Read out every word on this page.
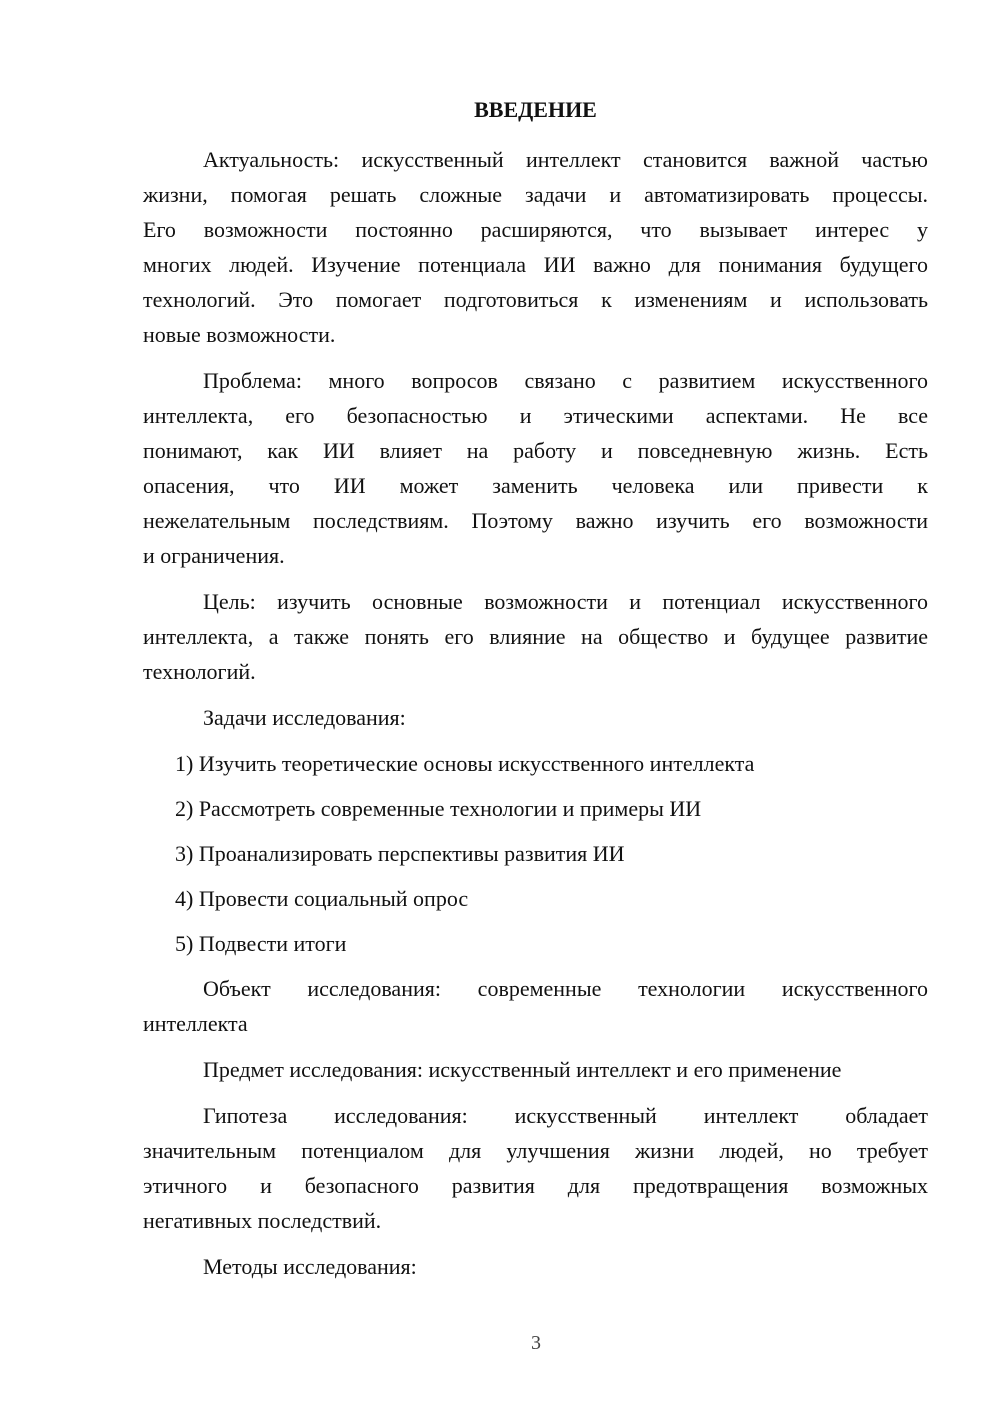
ВВЕДЕНИЕ
Актуальность: искусственный интеллект становится важной частью
жизни, помогая решать сложные задачи и автоматизировать процессы.
Его возможности постоянно расширяются, что вызывает интерес у
многих людей. Изучение потенциала ИИ важно для понимания будущего
технологий. Это помогает подготовиться к изменениям и использовать
новые возможности.
Проблема: много вопросов связано с развитием искусственного
интеллекта, его безопасностью и этическими аспектами. Не все
понимают, как ИИ влияет на работу и повседневную жизнь. Есть
опасения, что ИИ может заменить человека или привести к
нежелательным последствиям. Поэтому важно изучить его возможности
и ограничения.
Цель: изучить основные возможности и потенциал искусственного
интеллекта, а также понять его влияние на общество и будущее развитие
технологий.
Задачи исследования:
1) Изучить теоретические основы искусственного интеллекта
2) Рассмотреть современные технологии и примеры ИИ
3) Проанализировать перспективы развития ИИ
4) Провести социальный опрос
5) Подвести итоги
Объект исследования: современные технологии искусственного
интеллекта
Предмет исследования: искусственный интеллект и его применение
Гипотеза исследования: искусственный интеллект обладает
значительным потенциалом для улучшения жизни людей, но требует
этичного и безопасного развития для предотвращения возможных
негативных последствий.
Методы исследования:
3
